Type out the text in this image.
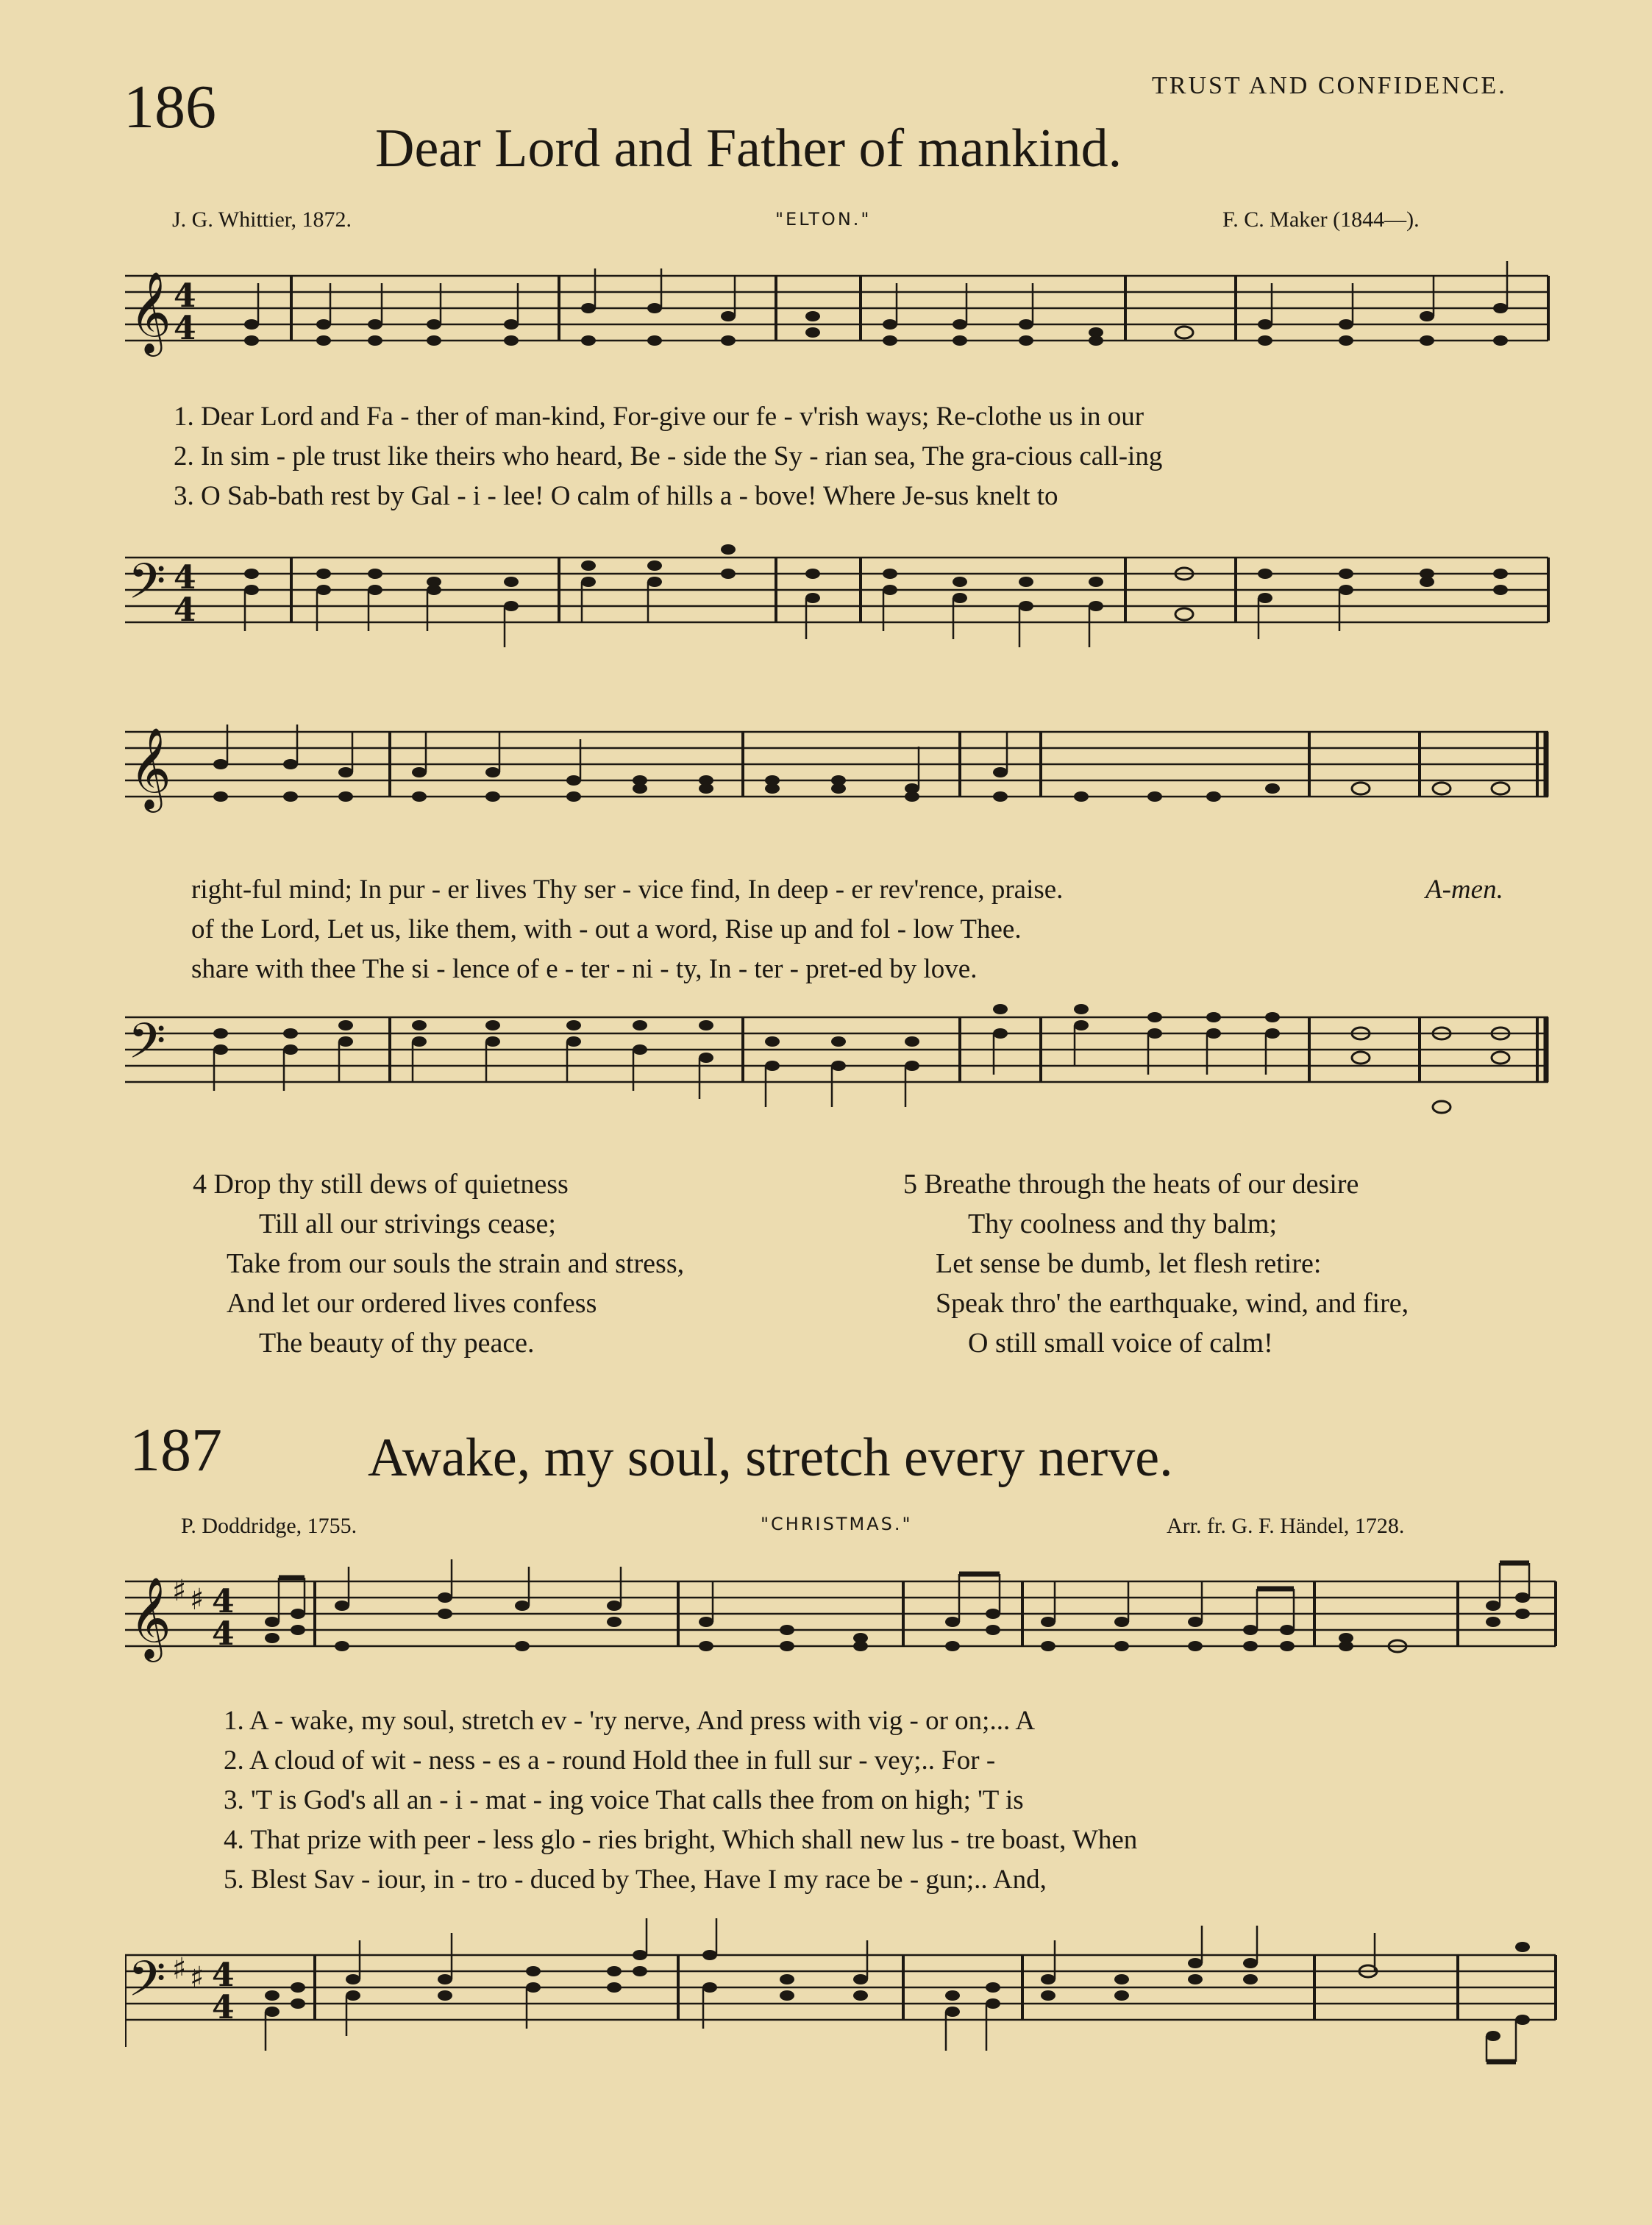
TRUST AND CONFIDENCE.
186
Dear Lord and Father of mankind.
J. G. Whittier, 1872.	"ELTON."	F. C. Maker (1844—).
𝄞 4
4
1. Dear Lord and Fa - ther of man-kind, For-give our fe - v'rish ways; Re-clothe us in our
2. In sim - ple trust like theirs who heard, Be - side the Sy - rian sea, The gra-cious call-ing
3. O Sab-bath rest by Gal - i - lee! O calm of hills a - bove! Where Je-sus knelt to
𝄢 4
4
𝄞
right-ful mind; In pur - er lives Thy ser - vice find, In deep - er rev'rence, praise.	A-men.
of the Lord, Let us, like them, with - out a word, Rise up and fol - low Thee.
share with thee The si - lence of e - ter - ni - ty, In - ter - pret-ed by love.
𝄢
4 Drop thy still dews of quietness
Till all our strivings cease;
Take from our souls the strain and stress,
And let our ordered lives confess
The beauty of thy peace.
5 Breathe through the heats of our desire
Thy coolness and thy balm;
Let sense be dumb, let flesh retire:
Speak thro' the earthquake, wind, and fire,
O still small voice of calm!
187	Awake, my soul, stretch every nerve.
P. Doddridge, 1755.	"CHRISTMAS."	Arr. fr. G. F. Händel, 1728.
𝄞 ♯ ♯ 4
4
1. A - wake, my soul, stretch ev - 'ry nerve, And press with vig - or on;... A
2. A cloud of wit - ness - es a - round Hold thee in full sur - vey;.. For -
3. 'T is God's all an - i - mat - ing voice That calls thee from on high; 'T is
4. That prize with peer - less glo - ries bright, Which shall new lus - tre boast, When
5. Blest Sav - iour, in - tro - duced by Thee, Have I my race be - gun;.. And,
𝄢 ♯ ♯ 4
4
